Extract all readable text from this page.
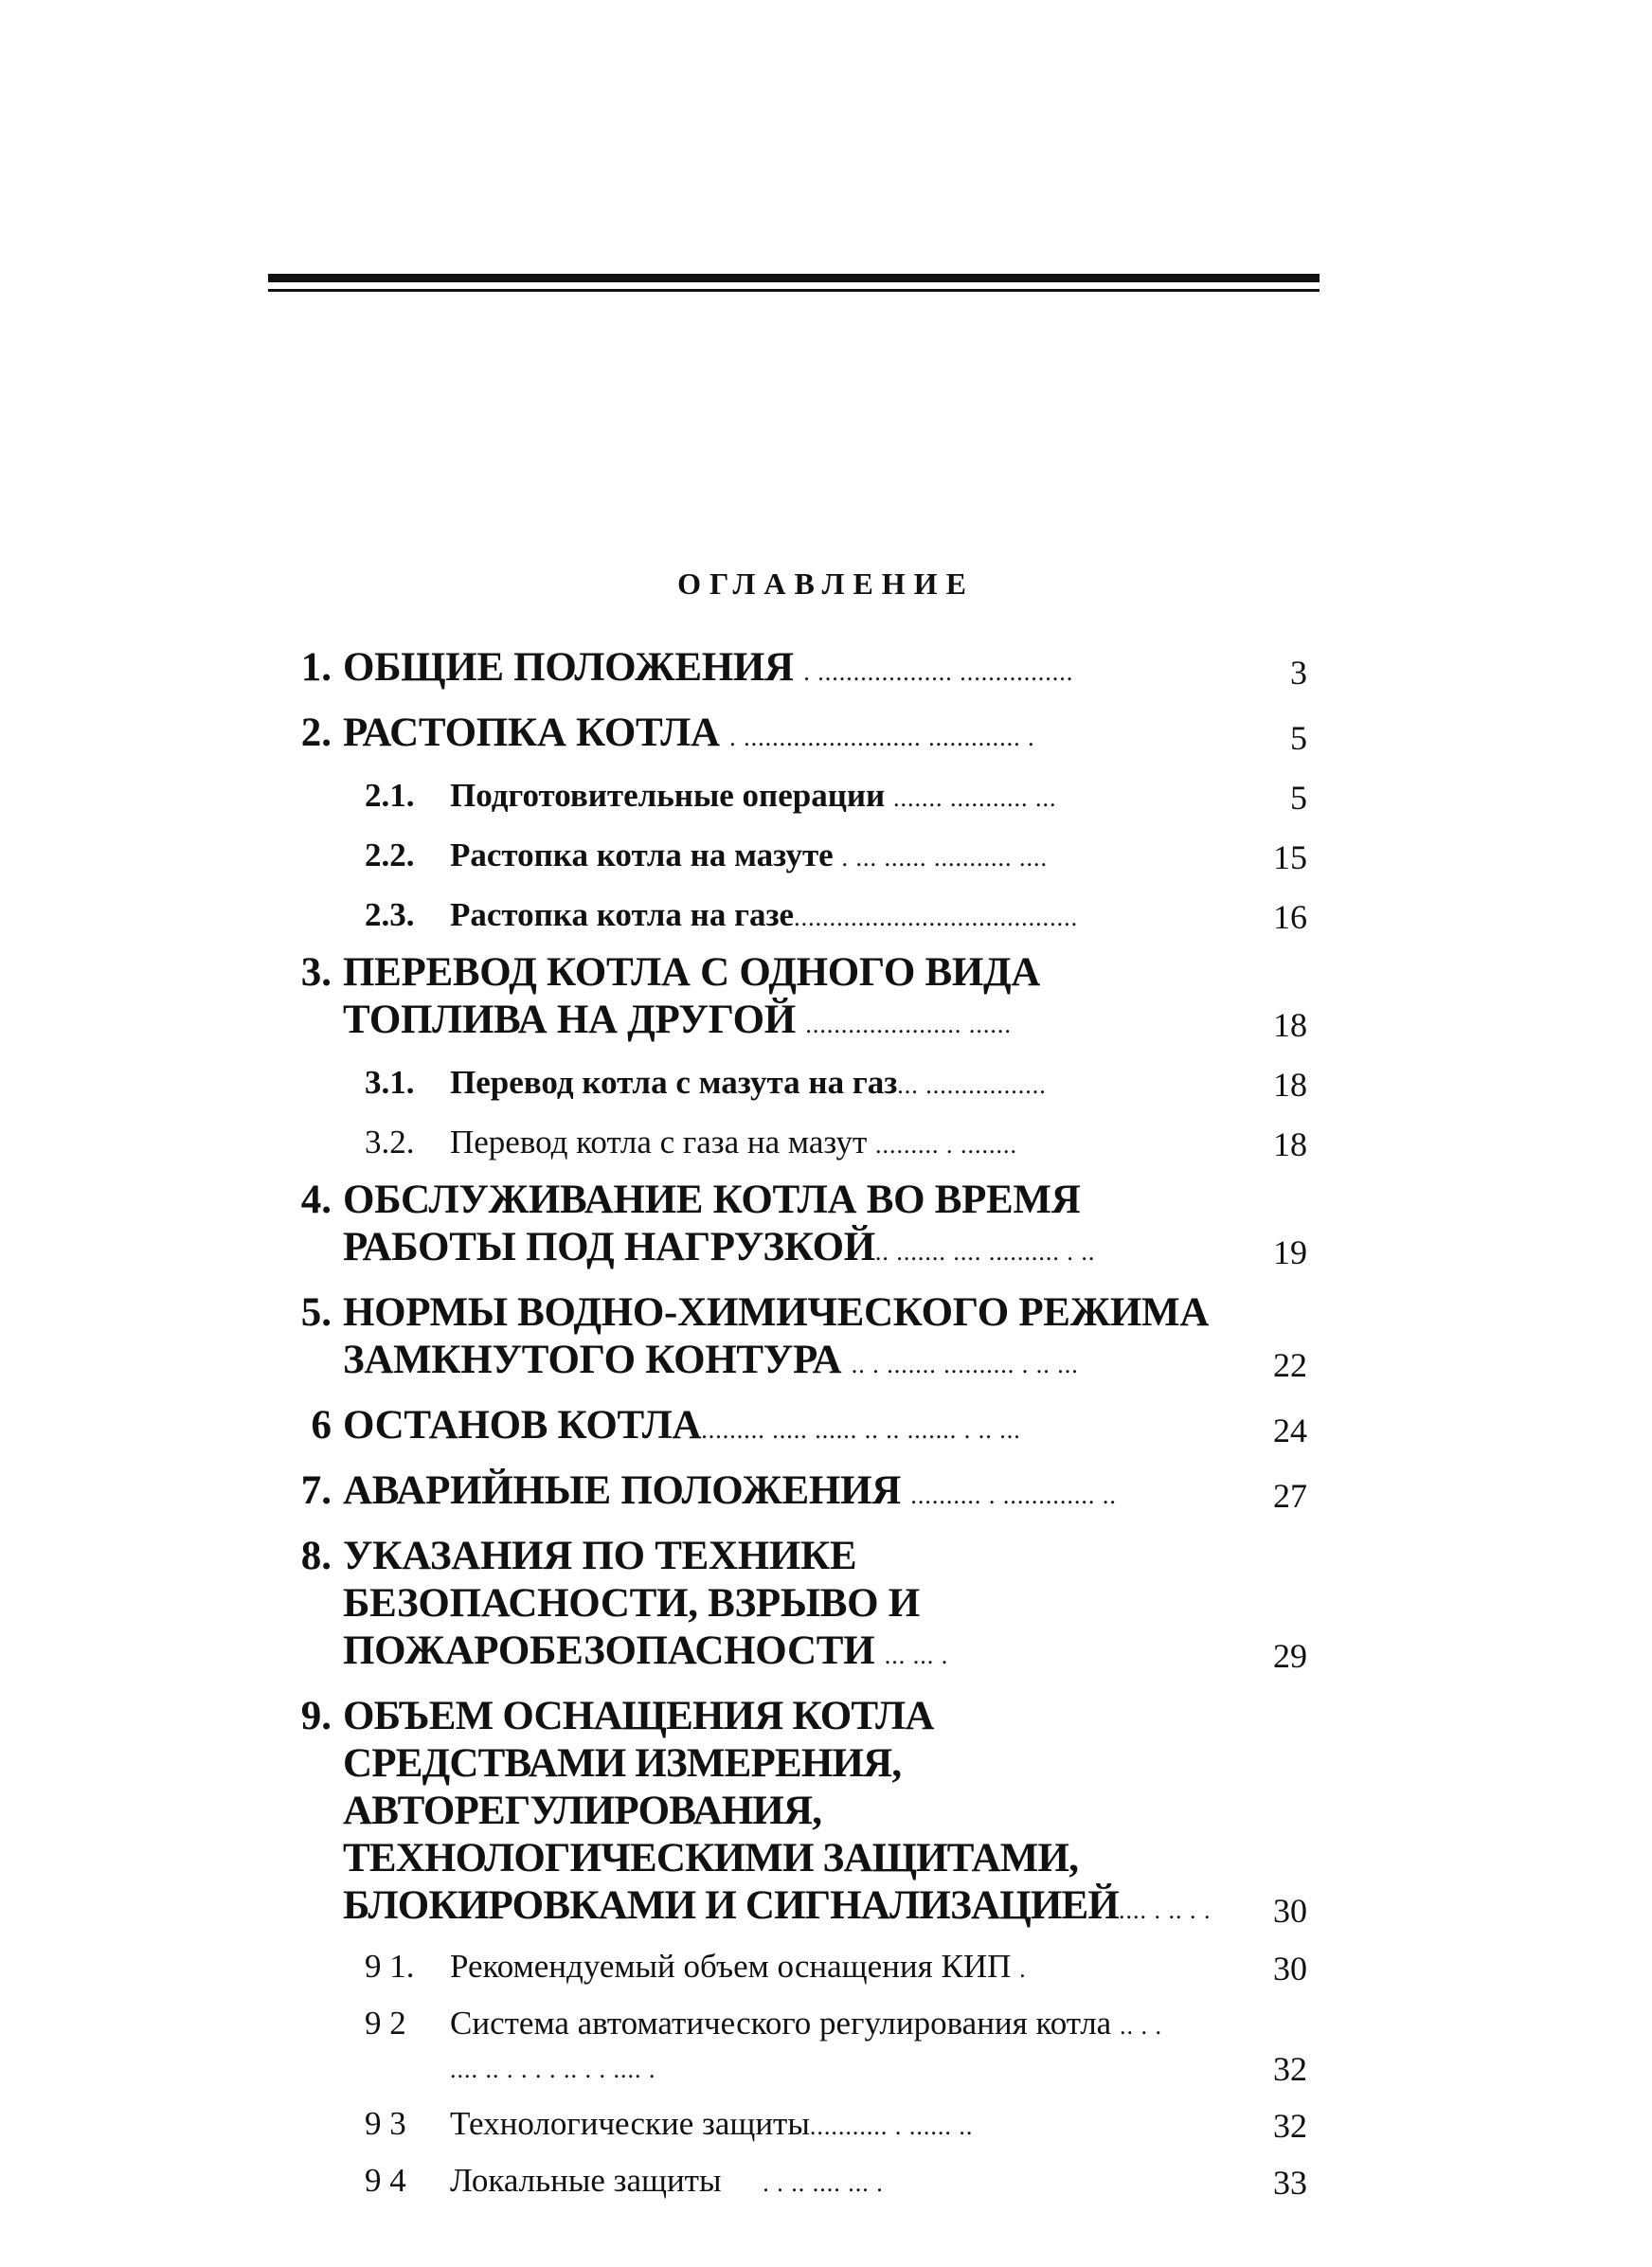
ОГЛАВЛЕНИЕ
1. ОБЩИЕ ПОЛОЖЕНИЯ . ................... ................	3
2. РАСТОПКА КОТЛА . ......................... ............. .	5
2.1.	Подготовительные операции ....... ........... ...	5
2.2.	Растопка котла на мазуте . ... ...... ........... ....	15
2.3.	Растопка котла на газе........................................	16
3. ПЕРЕВОД КОТЛА С ОДНОГО ВИДА ТОПЛИВА НА ДРУГОЙ ...................... ......	18
3.1.	Перевод котла с мазута на газ... .................	18
3.2.	Перевод котла с газа на мазут ......... . ........	18
4. ОБСЛУЖИВАНИЕ КОТЛА ВО ВРЕМЯ РАБОТЫ ПОД НАГРУЗКОЙ.. ....... .... .......... . ..	19
5. НОРМЫ ВОДНО-ХИМИЧЕСКОГО РЕЖИМА ЗАМКНУТОГО КОНТУРА .. . ....... .......... . .. ...	22
6 ОСТАНОВ КОТЛА......... ..... ...... .. .. ....... . .. ...	24
7. АВАРИЙНЫЕ ПОЛОЖЕНИЯ .......... . ............. ..	27
8. УКАЗАНИЯ ПО ТЕХНИКЕ БЕЗОПАСНОСТИ, ВЗРЫВО И ПОЖАРОБЕЗОПАСНОСТИ ... ... .	29
9. ОБЪЕМ ОСНАЩЕНИЯ КОТЛА СРЕДСТВАМИ ИЗМЕРЕНИЯ, АВТОРЕГУЛИРОВАНИЯ, ТЕХНОЛОГИЧЕСКИМИ ЗАЩИТАМИ, БЛОКИРОВКАМИ И СИГНАЛИЗАЦИЕЙ.... . .. . .	30
9 1.	Рекомендуемый объем оснащения КИП .	30
9 2	Система автоматического регулирования котла .. . . .... .. . . . . .. . . .... .	32
9 3	Технологические защиты........... . ...... ..	32
9 4	Локальные защиты . . .. .... ... .	33
